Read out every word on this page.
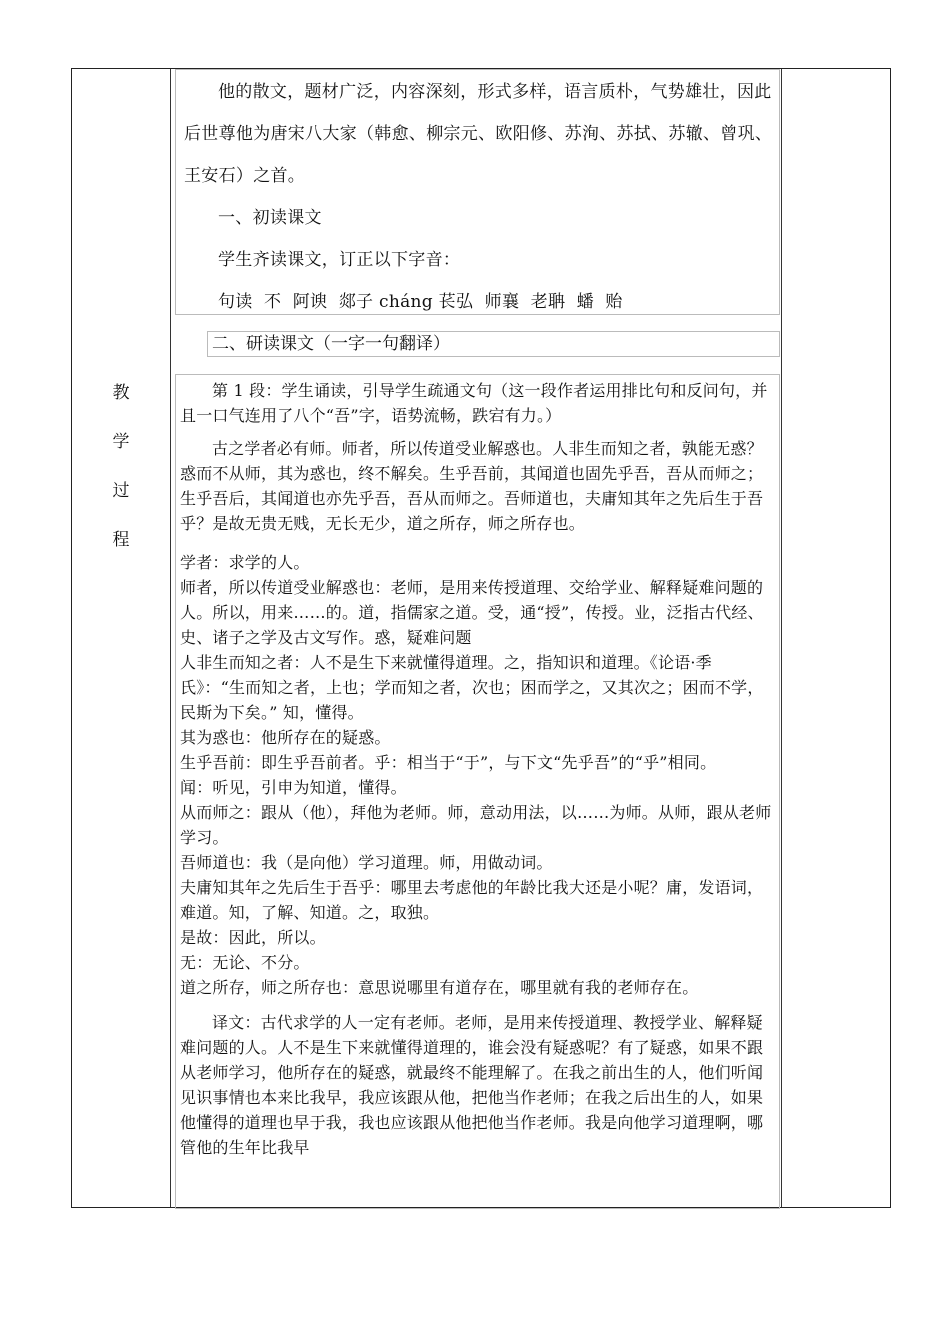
教
学
过
程

他的散文，题材广泛，内容深刻，形式多样，语言质朴，气势雄壮，因此后世尊他为唐宋八大家（韩愈、柳宗元、欧阳修、苏洵、苏拭、苏辙、曾巩、王安石）之首。

一、初读课文

学生齐读课文，订正以下字音：

句读  不  阿谀  郯子 cháng 苌弘  师襄  老聃  蟠  贻

二、研读课文（一字一句翻译）

第 1 段：学生诵读，引导学生疏通文句（这一段作者运用排比句和反问句，并且一口气连用了八个“吾”字，语势流畅，跌宕有力。）

古之学者必有师。师者，所以传道受业解惑也。人非生而知之者，孰能无惑？惑而不从师，其为惑也，终不解矣。生乎吾前，其闻道也固先乎吾，吾从而师之；生乎吾后，其闻道也亦先乎吾，吾从而师之。吾师道也，夫庸知其年之先后生于吾乎？是故无贵无贱，无长无少，道之所存，师之所存也。

学者：求学的人。

师者，所以传道受业解惑也：老师，是用来传授道理、交给学业、解释疑难问题的人。所以，用来……的。道，指儒家之道。受，通“授”，传授。业，泛指古代经、史、诸子之学及古文写作。惑，疑难问题

人非生而知之者：人不是生下来就懂得道理。之，指知识和道理。《论语·季氏》：“生而知之者，上也；学而知之者，次也；困而学之，又其次之；困而不学，民斯为下矣。” 知，懂得。

其为惑也：他所存在的疑惑。

生乎吾前：即生乎吾前者。乎：相当于“于”，与下文“先乎吾”的“乎”相同。

闻：听见，引申为知道，懂得。

从而师之：跟从（他），拜他为老师。师，意动用法，以……为师。从师，跟从老师学习。

吾师道也：我（是向他）学习道理。师，用做动词。

夫庸知其年之先后生于吾乎：哪里去考虑他的年龄比我大还是小呢？庸，发语词，难道。知，了解、知道。之，取独。

是故：因此，所以。

无：无论、不分。

道之所存，师之所存也：意思说哪里有道存在，哪里就有我的老师存在。

译文：古代求学的人一定有老师。老师，是用来传授道理、教授学业、解释疑难问题的人。人不是生下来就懂得道理的，谁会没有疑惑呢？有了疑惑，如果不跟从老师学习，他所存在的疑惑，就最终不能理解了。在我之前出生的人，他们听闻见识事情也本来比我早，我应该跟从他，把他当作老师；在我之后出生的人，如果他懂得的道理也早于我，我也应该跟从他把他当作老师。我是向他学习道理啊，哪管他的生年比我早
